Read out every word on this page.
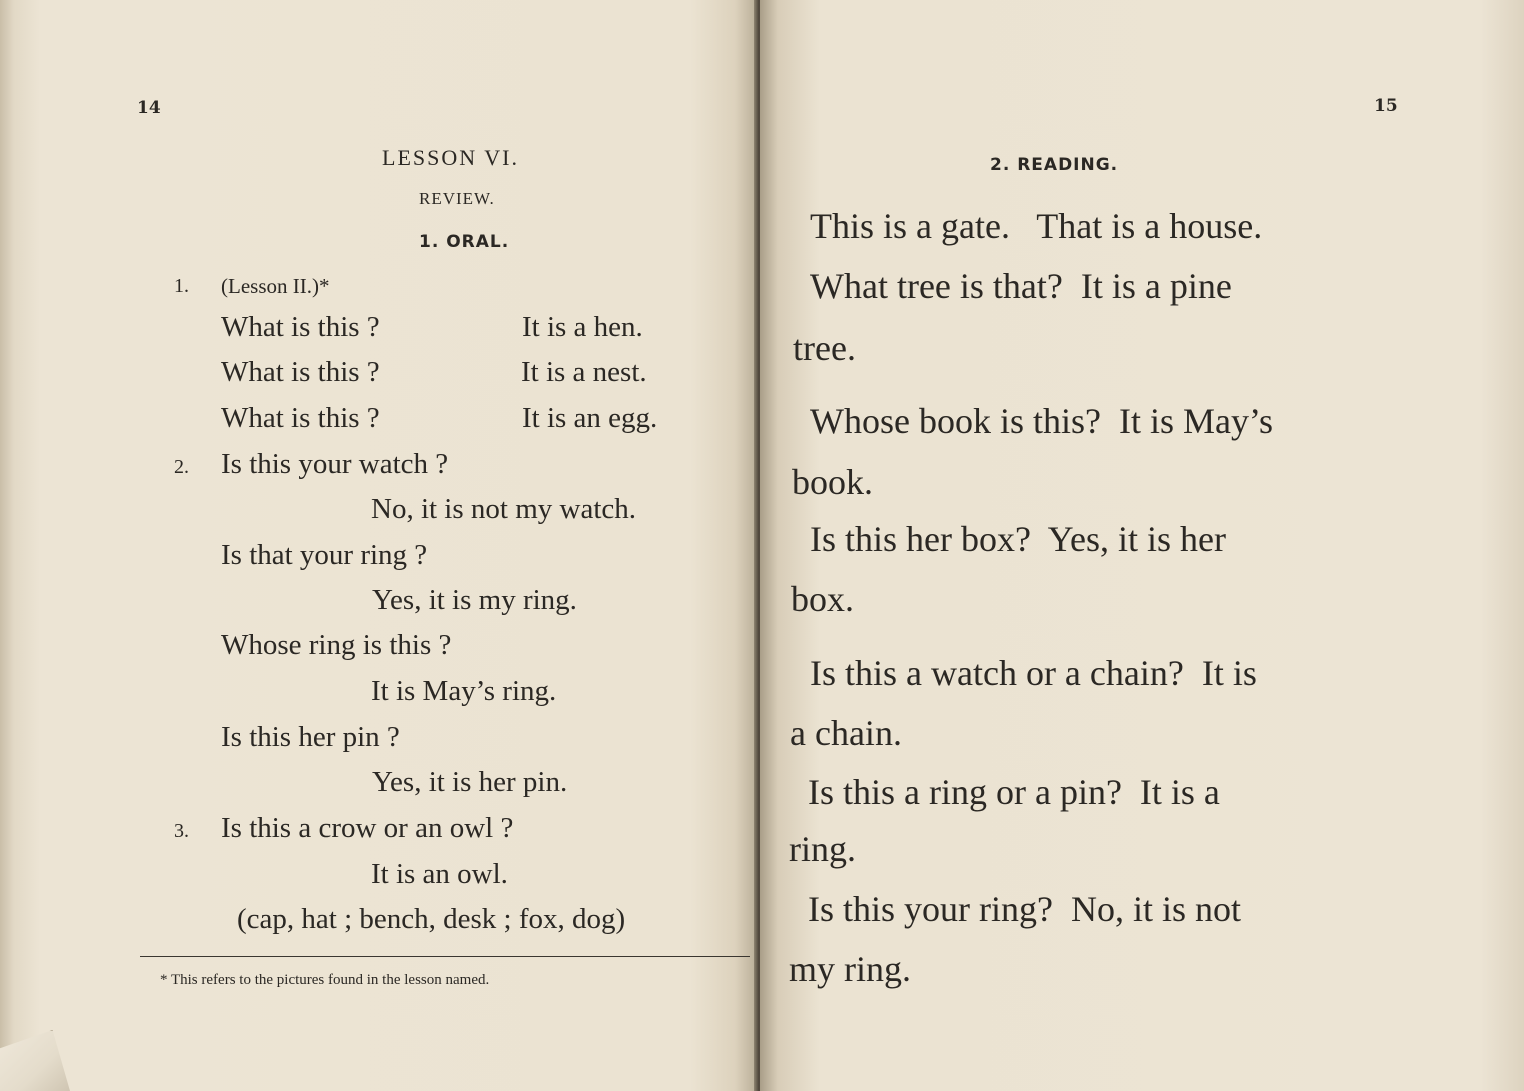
14
LESSON VI.
REVIEW.
1. ORAL.
1. (Lesson II.)*
What is this ?	It is a hen.
What is this ?	It is a nest.
What is this ?	It is an egg.
2. Is this your watch ?
No, it is not my watch.
Is that your ring ?
Yes, it is my ring.
Whose ring is this ?
It is May’s ring.
Is this her pin ?
Yes, it is her pin.
3. Is this a crow or an owl ?
It is an owl.
(cap, hat ; bench, desk ; fox, dog)
* This refers to the pictures found in the lesson named.
15
2. READING.
This is a gate.   That is a house.
What tree is that?  It is a pine
tree.
Whose book is this?  It is May’s
book.
Is this her box?  Yes, it is her
box.
Is this a watch or a chain?  It is
a chain.
Is this a ring or a pin?  It is a
ring.
Is this your ring?  No, it is not
my ring.
